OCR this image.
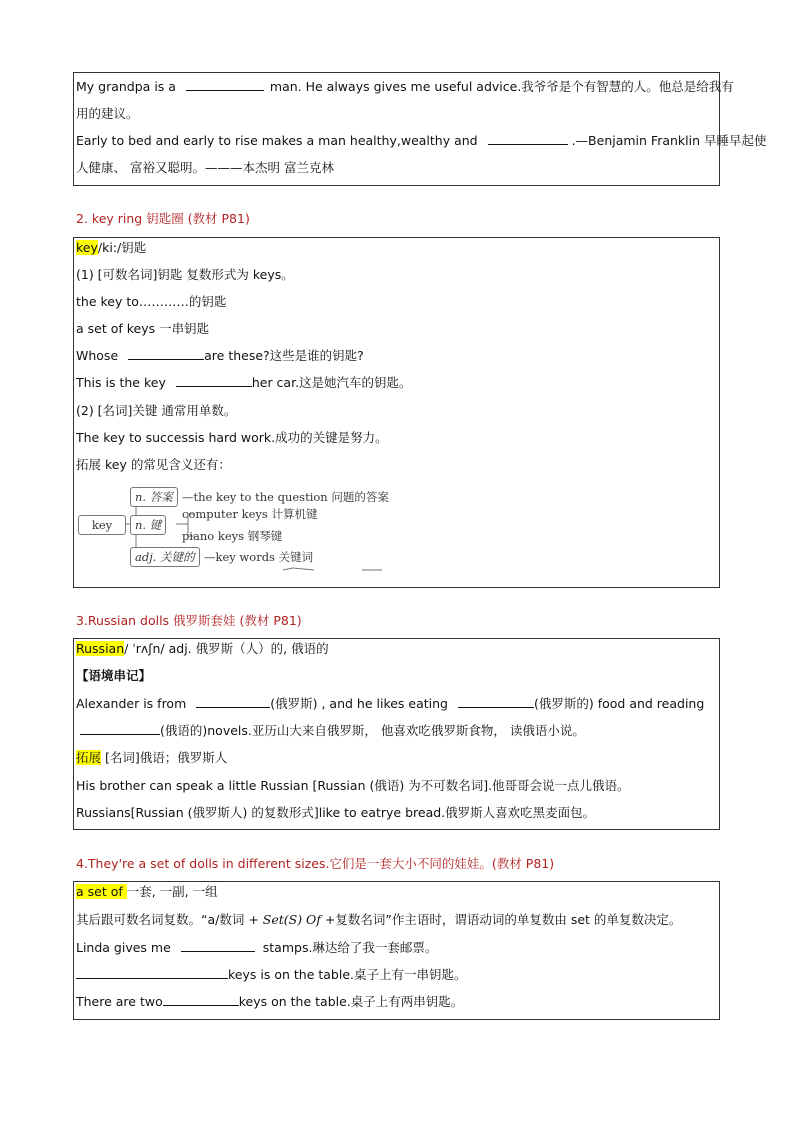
My grandpa is a	man. He always gives me useful advice.我爷爷是个有智慧的人。他总是给我有
用的建议。
Early to bed and early to rise makes a man healthy,wealthy and	.—Benjamin Franklin 早睡早起使
人健康、 富裕又聪明。———本杰明 富兰克林
2. key ring 钥匙圈 (教材 P81)
key/ki:/钥匙
(1) [可数名词]钥匙 复数形式为 keys。
the key to…………的钥匙
a set of keys 一串钥匙
Whose	are these?这些是谁的钥匙?
This is the key	her car.这是她汽车的钥匙。
(2) [名词]关键 通常用单数。
The key to successis hard work.成功的关键是努力。
拓展 key 的常见含义还有：
key
n. 答案 —the key to the question 问题的答案
n. 键
computer keys 计算机键
piano keys 钢琴键
adj. 关键的 —key words 关键词
3.Russian dolls 俄罗斯套娃 (教材 P81)
Russian/ ˈrʌʃn/ adj. 俄罗斯（人）的, 俄语的
【语境串记】
Alexander is from	(俄罗斯) , and he likes eating	(俄罗斯的) food and reading
(俄语的)novels.亚历山大来自俄罗斯， 他喜欢吃俄罗斯食物， 读俄语小说。
拓展 [名词]俄语；俄罗斯人
His brother can speak a little Russian [Russian (俄语) 为不可数名词].他哥哥会说一点儿俄语。
Russians[Russian (俄罗斯人) 的复数形式]like to eatrye bread.俄罗斯人喜欢吃黑麦面包。
4.They're a set of dolls in different sizes.它们是一套大小不同的娃娃。(教材 P81)
a set of 一套, 一副, 一组
其后跟可数名词复数。“a/数词 + Set(S) Of +复数名词”作主语时，谓语动词的单复数由 set 的单复数决定。
Linda gives me	stamps.琳达给了我一套邮票。
keys is on the table.桌子上有一串钥匙。
There are two	keys on the table.桌子上有两串钥匙。
